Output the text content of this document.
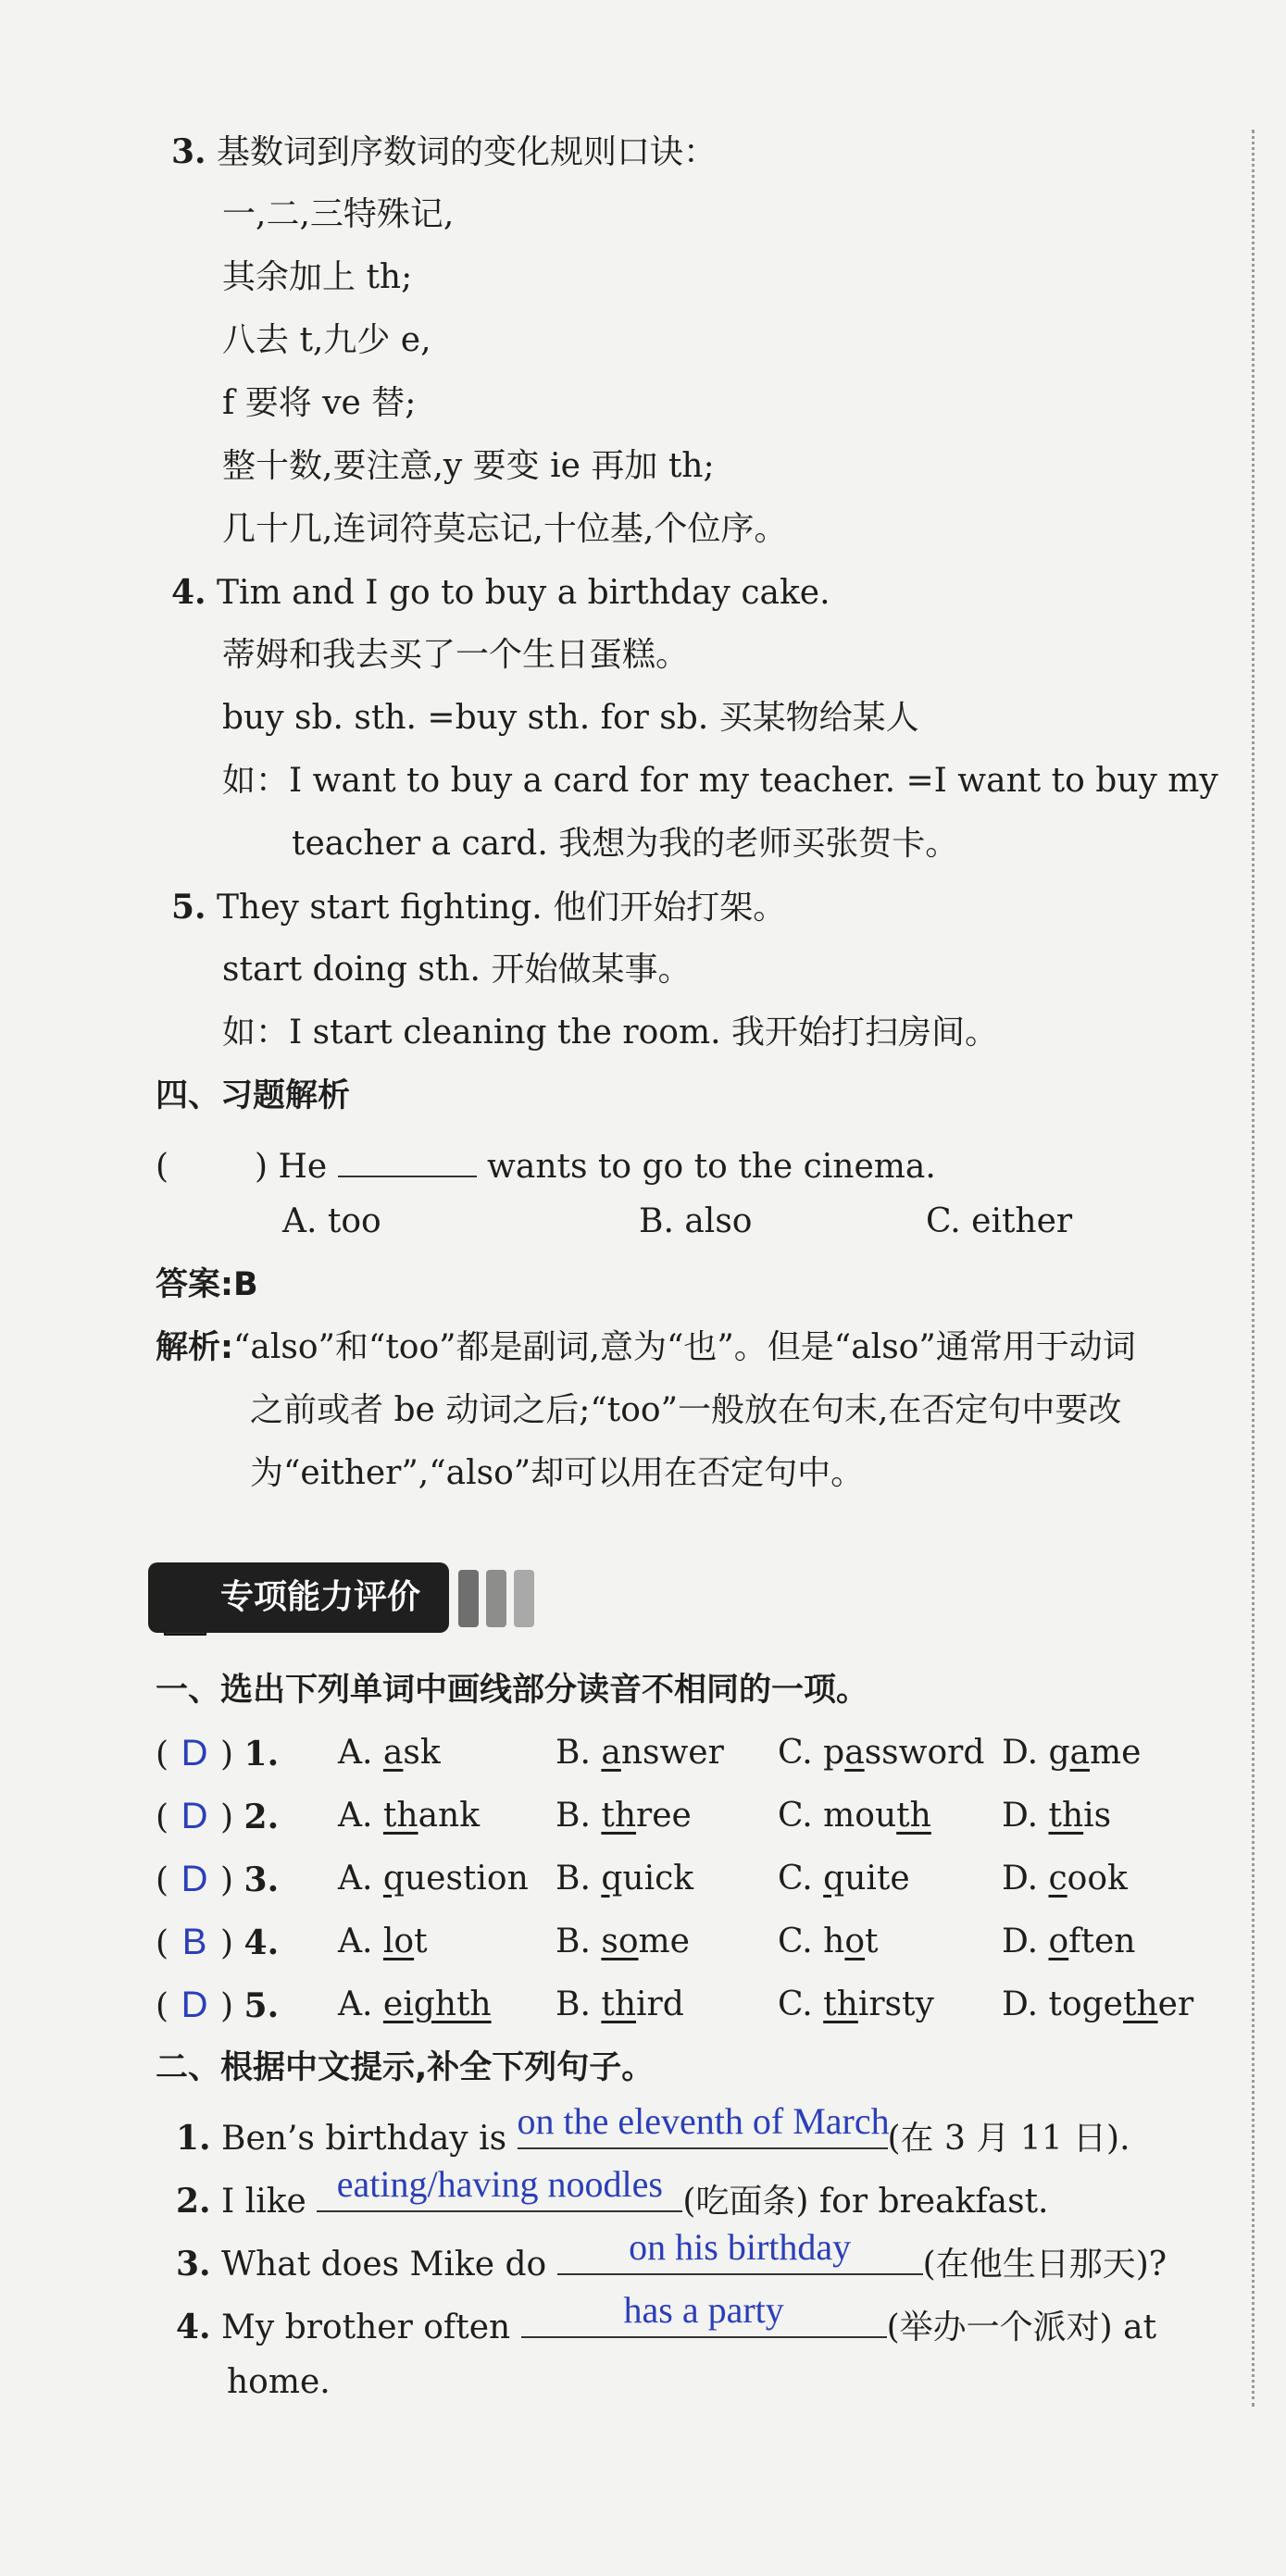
3. 基数词到序数词的变化规则口诀：
一,二,三特殊记,
其余加上 th;
八去 t,九少 e,
f 要将 ve 替;
整十数,要注意,y 要变 ie 再加 th;
几十几,连词符莫忘记,十位基,个位序。
4. Tim and I go to buy a birthday cake.
蒂姆和我去买了一个生日蛋糕。
buy sb. sth. =buy sth. for sb. 买某物给某人
如：I want to buy a card for my teacher. =I want to buy my
teacher a card. 我想为我的老师买张贺卡。
5. They start fighting. 他们开始打架。
start doing sth. 开始做某事。
如：I start cleaning the room. 我开始打扫房间。
四、习题解析
(	) He	wants to go to the cinema.
A. too	B. also	C. either
答案:B
解析:“also”和“too”都是副词,意为“也”。但是“also”通常用于动词
之前或者 be 动词之后;“too”一般放在句末,在否定句中要改
为“either”,“also”却可以用在否定句中。
专项能力评价
一、选出下列单词中画线部分读音不相同的一项。
( D ) 1. A. ask	B. answer C. password D. game
( D ) 2. A. thank B. three	C. mouth D. this
( D ) 3. A. question B. quick	C. quite	D. cook
( B ) 4. A. lot	B. some	C. hot	D. often
( D ) 5. A. eighth B. third	C. thirsty D. together
二、根据中文提示,补全下列句子。
1. Ben’s birthday is on the eleventh of March
(在 3 月 11 日).
2. I like eating/having noodles (吃面条) for breakfast.
3. What does Mike do	on his birthday	(在他生日那天)?
4. My brother often	has a party	(举办一个派对) at
home.
